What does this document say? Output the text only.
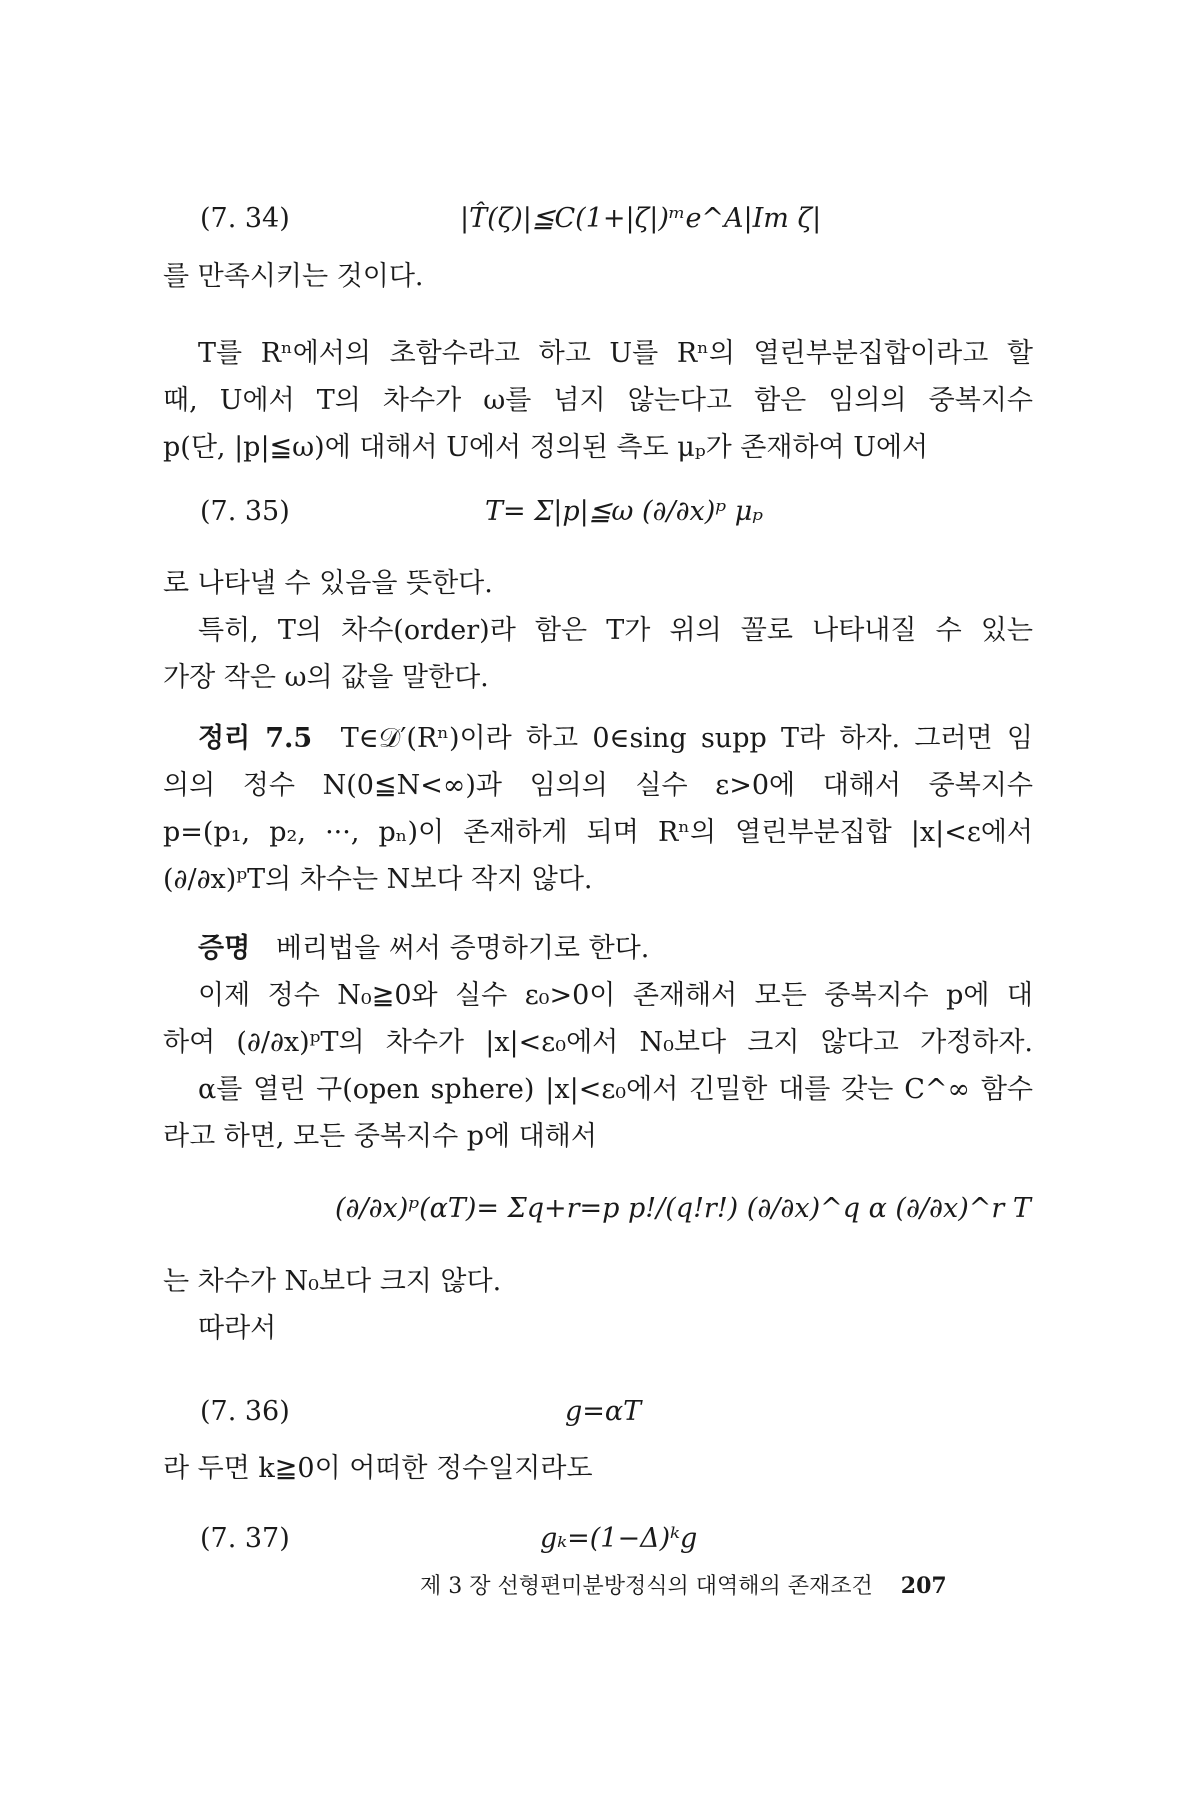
(7. 34)	|T̂(ζ)|≦C(1+|ζ|)ᵐe^A|Im ζ|
를 만족시키는 것이다.
T를 Rⁿ에서의 초함수라고 하고 U를 Rⁿ의 열린부분집합이라고 할
때, U에서 T의 차수가 ω를 넘지 않는다고 함은 임의의 중복지수
p(단, |p|≦ω)에 대해서 U에서 정의된 측도 μₚ가 존재하여 U에서
(7. 35)	T= Σ|p|≦ω (∂/∂x)ᵖ μₚ
로 나타낼 수 있음을 뜻한다.
특히, T의 차수(order)라 함은 T가 위의 꼴로 나타내질 수 있는
가장 작은 ω의 값을 말한다.
정리 7.5 T∈𝒟′(Rⁿ)이라 하고 0∈sing supp T라 하자. 그러면 임
의의 정수 N(0≦N<∞)과 임의의 실수 ε>0에 대해서 중복지수
p=(p₁, p₂, ···, pₙ)이 존재하게 되며 Rⁿ의 열린부분집합 |x|<ε에서
(∂/∂x)ᵖT의 차수는 N보다 작지 않다.
증명 베리법을 써서 증명하기로 한다.
이제 정수 N₀≧0와 실수 ε₀>0이 존재해서 모든 중복지수 p에 대
하여 (∂/∂x)ᵖT의 차수가 |x|<ε₀에서 N₀보다 크지 않다고 가정하자.
α를 열린 구(open sphere) |x|<ε₀에서 긴밀한 대를 갖는 C^∞ 함수
라고 하면, 모든 중복지수 p에 대해서
(∂/∂x)ᵖ(αT)= Σq+r=p p!/(q!r!) (∂/∂x)^q α (∂/∂x)^r T
는 차수가 N₀보다 크지 않다.
따라서
(7. 36)	g=αT
라 두면 k≧0이 어떠한 정수일지라도
(7. 37)	gₖ=(1−Δ)ᵏg
제 3 장 선형편미분방정식의 대역해의 존재조건 207
